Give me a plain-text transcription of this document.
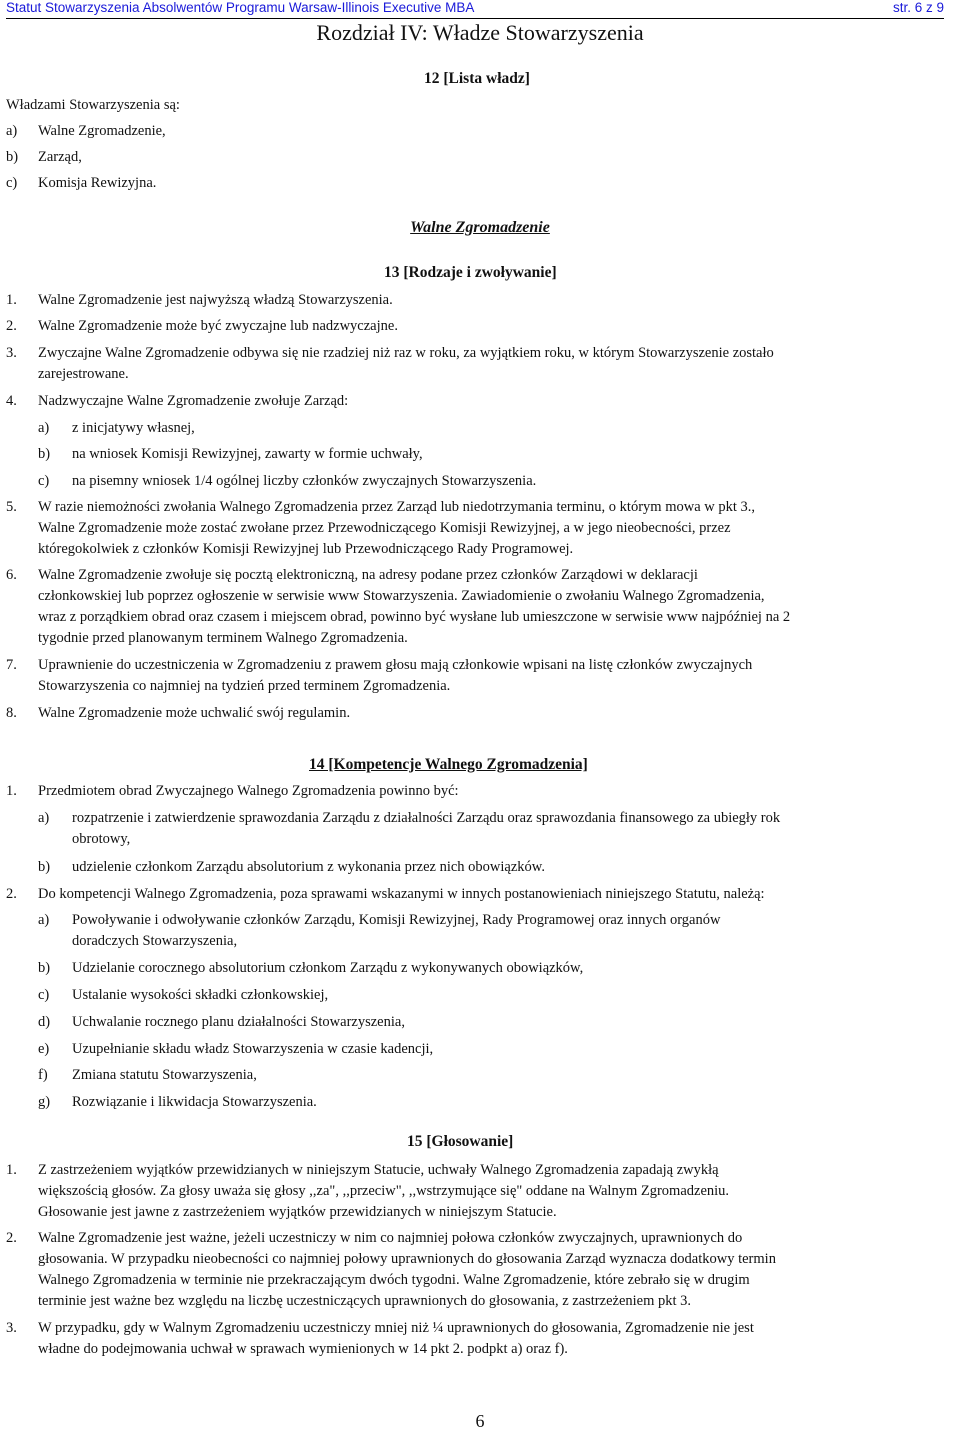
Statut Stowarzyszenia Absolwentów Programu Warsaw-Illinois Executive MBA	str. 6 z 9
Rozdział IV: Władze Stowarzyszenia
12 [Lista władz]
Władzami Stowarzyszenia są:
a) Walne Zgromadzenie,
b) Zarząd,
c) Komisja Rewizyjna.
Walne Zgromadzenie
13 [Rodzaje i zwoływanie]
1. Walne Zgromadzenie jest najwyższą władzą Stowarzyszenia.
2. Walne Zgromadzenie może być zwyczajne lub nadzwyczajne.
3. Zwyczajne Walne Zgromadzenie odbywa się nie rzadziej niż raz w roku, za wyjątkiem roku, w którym Stowarzyszenie zostało
zarejestrowane.
4. Nadzwyczajne Walne Zgromadzenie zwołuje Zarząd:
a) z inicjatywy własnej,
b) na wniosek Komisji Rewizyjnej, zawarty w formie uchwały,
c) na pisemny wniosek 1/4 ogólnej liczby członków zwyczajnych Stowarzyszenia.
5. W razie niemożności zwołania Walnego Zgromadzenia przez Zarząd lub niedotrzymania terminu, o którym mowa w pkt 3.,
Walne Zgromadzenie może zostać zwołane przez Przewodniczącego Komisji Rewizyjnej, a w jego nieobecności, przez
któregokolwiek z członków Komisji Rewizyjnej lub Przewodniczącego Rady Programowej.
6. Walne Zgromadzenie zwołuje się pocztą elektroniczną, na adresy podane przez członków Zarządowi w deklaracji
członkowskiej lub poprzez ogłoszenie w serwisie www Stowarzyszenia. Zawiadomienie o zwołaniu Walnego Zgromadzenia,
wraz z porządkiem obrad oraz czasem i miejscem obrad, powinno być wysłane lub umieszczone w serwisie www najpóźniej na 2
tygodnie przed planowanym terminem Walnego Zgromadzenia.
7. Uprawnienie do uczestniczenia w Zgromadzeniu z prawem głosu mają członkowie wpisani na listę członków zwyczajnych
Stowarzyszenia co najmniej na tydzień przed terminem Zgromadzenia.
8. Walne Zgromadzenie może uchwalić swój regulamin.
14 [Kompetencje Walnego Zgromadzenia]
1. Przedmiotem obrad Zwyczajnego Walnego Zgromadzenia powinno być:
a) rozpatrzenie i zatwierdzenie sprawozdania Zarządu z działalności Zarządu oraz sprawozdania finansowego za ubiegły rok
obrotowy,
b) udzielenie członkom Zarządu absolutorium z wykonania przez nich obowiązków.
2. Do kompetencji Walnego Zgromadzenia, poza sprawami wskazanymi w innych postanowieniach niniejszego Statutu, należą:
a) Powoływanie i odwoływanie członków Zarządu, Komisji Rewizyjnej, Rady Programowej oraz innych organów
doradczych Stowarzyszenia,
b) Udzielanie corocznego absolutorium członkom Zarządu z wykonywanych obowiązków,
c) Ustalanie wysokości składki członkowskiej,
d) Uchwalanie rocznego planu działalności Stowarzyszenia,
e) Uzupełnianie składu władz Stowarzyszenia w czasie kadencji,
f) Zmiana statutu Stowarzyszenia,
g) Rozwiązanie i likwidacja Stowarzyszenia.
15 [Głosowanie]
1. Z zastrzeżeniem wyjątków przewidzianych w niniejszym Statucie, uchwały Walnego Zgromadzenia zapadają zwykłą
większością głosów. Za głosy uważa się głosy ,,za", ,,przeciw", ,,wstrzymujące się" oddane na Walnym Zgromadzeniu.
Głosowanie jest jawne z zastrzeżeniem wyjątków przewidzianych w niniejszym Statucie.
2. Walne Zgromadzenie jest ważne, jeżeli uczestniczy w nim co najmniej połowa członków zwyczajnych, uprawnionych do
głosowania. W przypadku nieobecności co najmniej połowy uprawnionych do głosowania Zarząd wyznacza dodatkowy termin
Walnego Zgromadzenia w terminie nie przekraczającym dwóch tygodni. Walne Zgromadzenie, które zebrało się w drugim
terminie jest ważne bez względu na liczbę uczestniczących uprawnionych do głosowania, z zastrzeżeniem pkt 3.
3. W przypadku, gdy w Walnym Zgromadzeniu uczestniczy mniej niż ¼ uprawnionych do głosowania, Zgromadzenie nie jest
władne do podejmowania uchwał w sprawach wymienionych w 14 pkt 2. podpkt a) oraz f).
6
